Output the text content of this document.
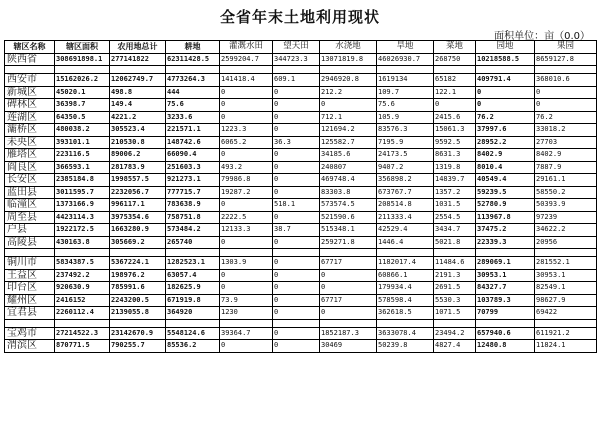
全省年末土地利用现状
面积单位：亩（0.0）
辖区名称	辖区面积	农用地总计	耕地	灌溉水田	望天田	水浇地	旱地	菜地	园地	果园
陕西省	308691898.1	277141822	62311428.5	2599204.7	344723.3	13071819.8	46026930.7	268750	10218588.5	8659127.8

西安市	15162026.2	12062749.7	4773264.3	141418.4	609.1	2946920.8	1619134	65182	409791.4	368010.6
新城区	45020.1	498.8	444	0	0	212.2	109.7	122.1	0	0
碑林区	36398.7	149.4	75.6	0	0	0	75.6	0	0	0
莲湖区	64350.5	4221.2	3233.6	0	0	712.1	105.9	2415.6	76.2	76.2
灞桥区	480038.2	305523.4	221571.1	1223.3	0	121694.2	83576.3	15061.3	37997.6	33018.2
未央区	393101.1	210530.8	148742.6	6065.2	36.3	125582.7	7195.9	9592.5	28952.2	27703
雁塔区	223116.5	89006.2	66090.4	0	0	34185.6	24173.5	8631.3	8402.9	8402.9
阎良区	366593.1	281783.9	251603.3	493.2	0	240807	9407.2	1319.8	8010.4	7887.9
长安区	2385184.8	1998557.5	921273.1	79986.8	0	469748.4	356898.2	14839.7	40549.4	29161.1
蓝田县	3011595.7	2232056.7	777715.7	19287.2	0	83303.8	673767.7	1357.2	59239.5	58550.2
临潼区	1373166.9	996117.1	783638.9	0	518.1	573574.5	208514.8	1031.5	52780.9	50393.9
周至县	4423114.3	3975354.6	758751.8	2222.5	0	521590.6	211333.4	2554.5	113967.8	97239
户县	1922172.5	1663280.9	573484.2	12133.3	38.7	515348.1	42529.4	3434.7	37475.2	34622.2
高陵县	430163.8	305669.2	265740	0	0	259271.8	1446.4	5021.8	22339.3	20956

铜川市	5834387.5	5367224.1	1282523.1	1303.9	0	67717	1182017.4	11484.6	289069.1	281552.1
王益区	237492.2	198976.2	63057.4	0	0	0	60866.1	2191.3	30953.1	30953.1
印台区	920630.9	785991.6	182625.9	0	0	0	179934.4	2691.5	84327.7	82549.1
耀州区	2416152	2243200.5	671919.8	73.9	0	67717	578598.4	5530.3	103789.3	98627.9
宜君县	2260112.4	2139055.8	364920	1230	0	0	362618.5	1071.5	70799	69422

宝鸡市	27214522.3	23142670.9	5548124.6	39364.7	0	1852187.3	3633078.4	23494.2	657940.6	611921.2
渭滨区	870771.5	790255.7	85536.2	0	0	30469	50239.8	4827.4	12480.8	11824.1
